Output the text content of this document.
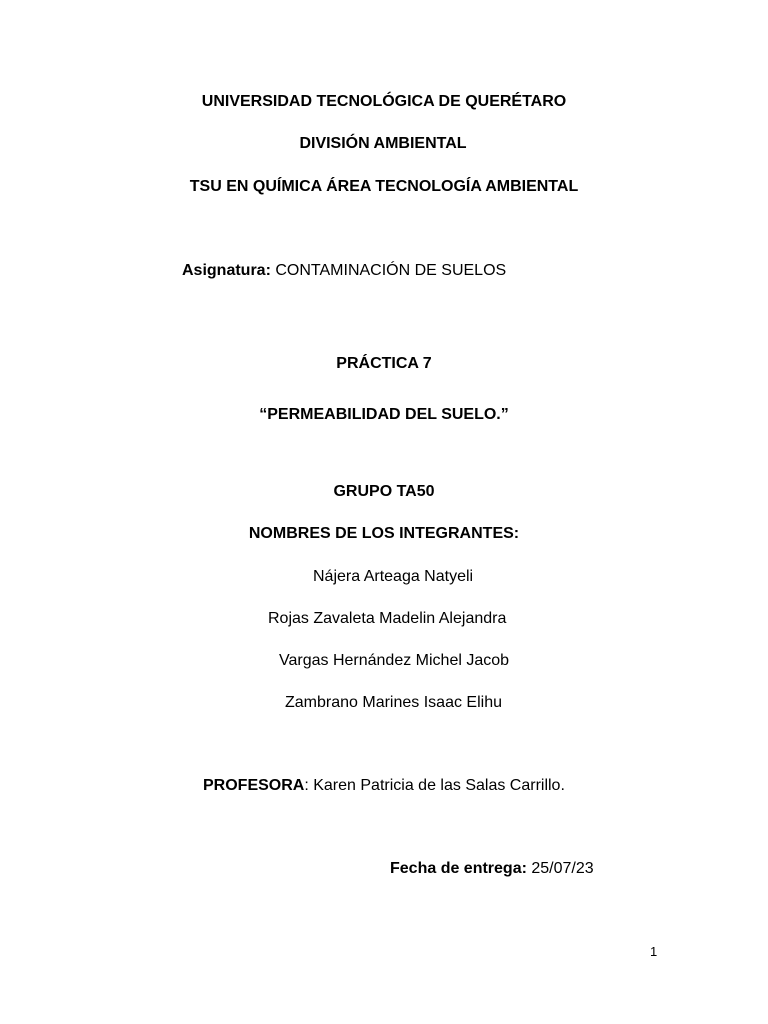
UNIVERSIDAD TECNOLÓGICA DE QUERÉTARO
DIVISIÓN AMBIENTAL
TSU EN QUÍMICA ÁREA TECNOLOGÍA AMBIENTAL
Asignatura: CONTAMINACIÓN DE SUELOS
PRÁCTICA 7
“PERMEABILIDAD DEL SUELO.”
GRUPO TA50
NOMBRES DE LOS INTEGRANTES:
Nájera Arteaga Natyeli
Rojas Zavaleta Madelin Alejandra
Vargas Hernández Michel Jacob
Zambrano Marines Isaac Elihu
PROFESORA: Karen Patricia de las Salas Carrillo.
Fecha de entrega: 25/07/23
1
